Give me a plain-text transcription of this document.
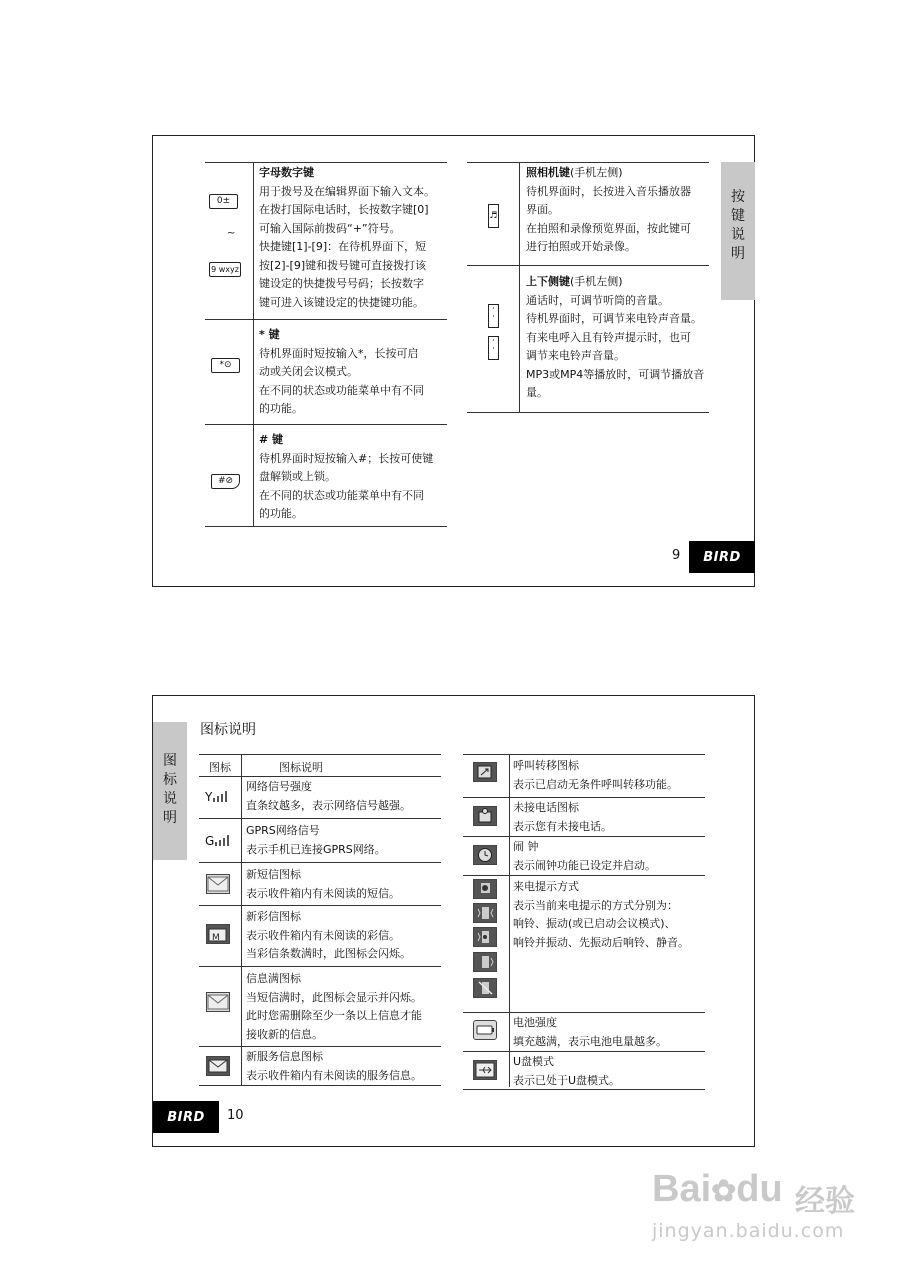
0±
~
9 wxyz
字母数字键
用于拨号及在编辑界面下输入文本。
在拨打国际电话时，长按数字键[0]
可输入国际前拨码“+”符号。
快捷键[1]-[9]：在待机界面下，短
按[2]-[9]键和拨号键可直接拨打该
键设定的快捷拨号号码；长按数字
键可进入该键设定的快捷键功能。
*⊙
* 键
待机界面时短按输入*，长按可启
动或关闭会议模式。
在不同的状态或功能菜单中有不同
的功能。
#⊘
# 键
待机界面时短按输入#；长按可使键
盘解锁或上锁。
在不同的状态或功能菜单中有不同
的功能。
♬
照相机键(手机左侧)
待机界面时，长按进入音乐播放器
界面。
在拍照和录像预览界面，按此键可
进行拍照或开始录像。
·
·
·
·
上下侧键(手机左侧)
通话时，可调节听筒的音量。
待机界面时，可调节来电铃声音量。
有来电呼入且有铃声提示时，也可
调节来电铃声音量。
MP3或MP4等播放时，可调节播放音
量。
按
键
说
明
9 BIRD
图
标
说
明
图标说明
图标	图标说明
Y
网络信号强度
直条纹越多，表示网络信号越强。
G
GPRS网络信号
表示手机已连接GPRS网络。
新短信图标
表示收件箱内有未阅读的短信。
M
新彩信图标
表示收件箱内有未阅读的彩信。
当彩信条数满时，此图标会闪烁。
信息满图标
当短信满时，此图标会显示并闪烁。
此时您需删除至少一条以上信息才能
接收新的信息。
新服务信息图标
表示收件箱内有未阅读的服务信息。
呼叫转移图标
表示已启动无条件呼叫转移功能。
未接电话图标
表示您有未接电话。
闹 钟
表示闹钟功能已设定并启动。
来电提示方式
表示当前来电提示的方式分别为：
响铃、振动(或已启动会议模式)、
响铃并振动、先振动后响铃、静音。
电池强度
填充越满，表示电池电量越多。
U盘模式
表示已处于U盘模式。
BIRD 10
Bai✿du 经验
jingyan.baidu.com
